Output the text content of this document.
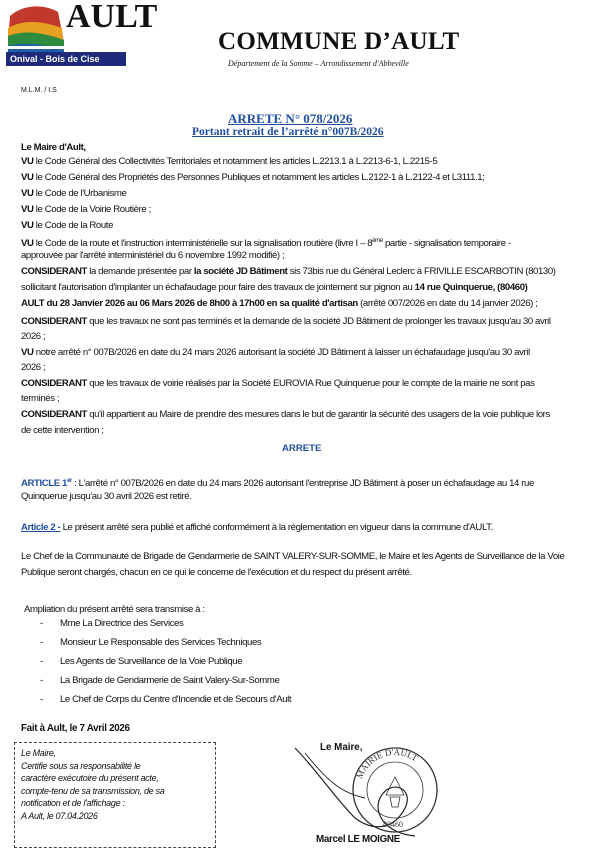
AULT
Onival - Bois de Cise
COMMUNE D’AULT
Département de la Somme – Arrondissement d'Abbeville
M.L.M. / I.S
ARRETE N° 078/2026
Portant retrait de l’arrêté n°007B/2026
Le Maire d'Ault,
VU le Code Général des Collectivités Territoriales et notamment les articles L.2213.1 à L.2213-6-1, L.2215-5
VU le Code Général des Propriétés des Personnes Publiques et notamment les articles L.2122-1 à L.2122-4 et L3111.1;
VU le Code de l'Urbanisme
VU le Code de la Voirie Routière ;
VU le Code de la Route
VU le Code de la route et l'instruction interministérielle sur la signalisation routière (livre I – 8ème partie - signalisation temporaire -
approuvée par l'arrêté interministériel du 6 novembre 1992 modifié) ;
CONSIDERANT la demande présentée par la société JD Bâtiment sis 73bis rue du Général Leclerc à FRIVILLE ESCARBOTIN (80130)
sollicitant l'autorisation d'implanter un échafaudage pour faire des travaux de jointement sur pignon au 14 rue Quinquerue, (80460)
AULT du 28 Janvier 2026 au 06 Mars 2026 de 8h00 à 17h00 en sa qualité d'artisan (arrêté 007/2026 en date du 14 janvier 2026) ;
CONSIDERANT que les travaux ne sont pas terminés et la demande de la société JD Bâtiment de prolonger les travaux jusqu'au 30 avril
2026 ;
VU notre arrêté n° 007B/2026 en date du 24 mars 2026 autorisant la société JD Bâtiment à laisser un échafaudage jusqu'au 30 avril
2026 ;
CONSIDERANT que les travaux de voirie réalisés par la Société EUROVIA Rue Quinquerue pour le compte de la mairie ne sont pas
terminés ;
CONSIDERANT qu'il appartient au Maire de prendre des mesures dans le but de garantir la sécurité des usagers de la voie publique lors
de cette intervention ;
ARRETE
ARTICLE 1er : L'arrêté n° 007B/2026 en date du 24 mars 2026 autorisant l'entreprise JD Bâtiment à poser un échafaudage au 14 rue
Quinquerue jusqu'au 30 avril 2026 est retiré.
Article 2 - Le présent arrêté sera publié et affiché conformément à la réglementation en vigueur dans la commune d'AULT.
Le Chef de la Communauté de Brigade de Gendarmerie de SAINT VALERY-SUR-SOMME, le Maire et les Agents de Surveillance de la Voie
Publique seront chargés, chacun en ce qui le concerne de l'exécution et du respect du présent arrêté.
Ampliation du présent arrêté sera transmise à :
- Mme La Directrice des Services
- Monsieur Le Responsable des Services Techniques
- Les Agents de Surveillance de la Voie Publique
- La Brigade de Gendarmerie de Saint Valery-Sur-Somme
- Le Chef de Corps du Centre d'Incendie et de Secours d'Ault
Fait à Ault, le 7 Avril 2026
Le Maire,
Certifie sous sa responsabilité le
caractère exécutoire du présent acte,
compte-tenu de sa transmission, de sa
notification et de l'affichage :
A Ault, le 07.04.2026
Le Maire,
MAIRIE D'AULT
80460
Marcel LE MOIGNE
